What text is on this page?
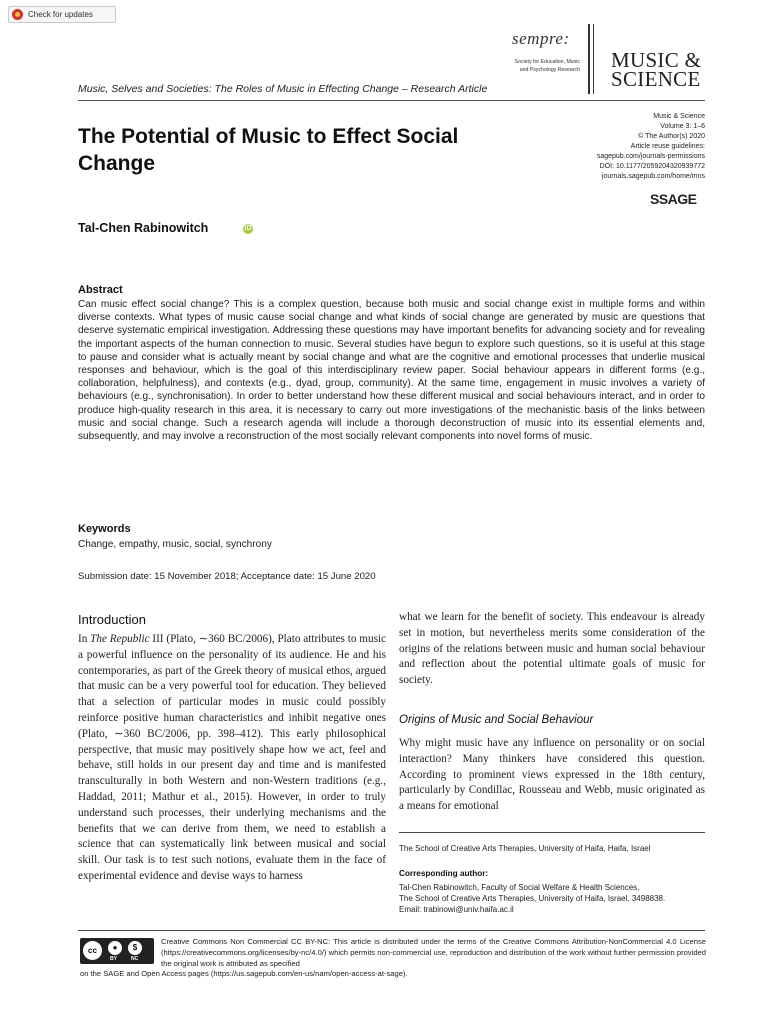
Check for updates
sempre:
Society for Education, Music
and Psychology Research MUSIC &
SCIENCE
Music, Selves and Societies: The Roles of Music in Effecting Change – Research Article
Music & Science
Volume 3: 1–6
© The Author(s) 2020
Article reuse guidelines:
sagepub.com/journals-permissions
DOI: 10.1177/2059204320939772
journals.sagepub.com/home/mns
SSAGE
The Potential of Music to Effect Social Change
Tal-Chen Rabinowitch	iD
Abstract
Can music effect social change? This is a complex question, because both music and social change exist in multiple forms and within diverse contexts. What types of music cause social change and what kinds of social change are generated by music are questions that deserve systematic empirical investigation. Addressing these questions may have important benefits for advancing society and for revealing the important aspects of the human connection to music. Several studies have begun to explore such questions, so it is useful at this stage to pause and consider what is actually meant by social change and what are the cognitive and emotional processes that underlie musical responses and behaviour, which is the goal of this interdisciplinary review paper. Social behaviour appears in different forms (e.g., collaboration, helpfulness), and contexts (e.g., dyad, group, community). At the same time, engagement in music involves a variety of behaviours (e.g., synchronisation). In order to better understand how these different musical and social behaviours interact, and in order to produce high-quality research in this area, it is necessary to carry out more investigations of the mechanistic basis of the links between music and social change. Such a research agenda will include a thorough deconstruction of music into its essential elements and, subsequently, and may involve a reconstruction of the most socially relevant components into novel forms of music.
Keywords
Change, empathy, music, social, synchrony
Submission date: 15 November 2018; Acceptance date: 15 June 2020
Introduction
In The Republic III (Plato, ∼360 BC/2006), Plato attributes to music a powerful influence on the personality of its audience. He and his contemporaries, as part of the Greek theory of musical ethos, argued that music can be a very powerful tool for education. They believed that a selection of particular modes in music could possibly reinforce positive human characteristics and inhibit negative ones (Plato, ∼360 BC/2006, pp. 398–412). This early philosophical perspective, that music may positively shape how we act, feel and behave, still holds in our present day and time and is manifested transculturally in both Western and non-Western traditions (e.g., Haddad, 2011; Mathur et al., 2015). However, in order to truly understand such processes, their underlying mechanisms and the benefits that we can derive from them, we need to establish a science that can systematically link between musical and social skill. Our task is to test such notions, evaluate them in the face of experimental evidence and devise ways to harness
what we learn for the benefit of society. This endeavour is already set in motion, but nevertheless merits some consideration of the origins of the relations between music and human social behaviour and reflection about the potential ultimate goals of music for society.
Origins of Music and Social Behaviour
Why might music have any influence on personality or on social interaction? Many thinkers have considered this question. According to prominent views expressed in the 18th century, particularly by Condillac, Rousseau and Webb, music originated as a means for emotional
The School of Creative Arts Therapies, University of Haifa, Haifa, Israel
Corresponding author:
Tal-Chen Rabinowitch, Faculty of Social Welfare & Health Sciences,
The School of Creative Arts Therapies, University of Haifa, Israel, 3498838.
Email: trabinowi@univ.haifa.ac.il
cc	●	$
BY	NC
Creative Commons Non Commercial CC BY-NC: This article is distributed under the terms of the Creative Commons Attribution-NonCommercial 4.0 License (https://creativecommons.org/licenses/by-nc/4.0/) which permits non-commercial use, reproduction and distribution of the work without further permission provided the original work is attributed as specified
on the SAGE and Open Access pages (https://us.sagepub.com/en-us/nam/open-access-at-sage).
